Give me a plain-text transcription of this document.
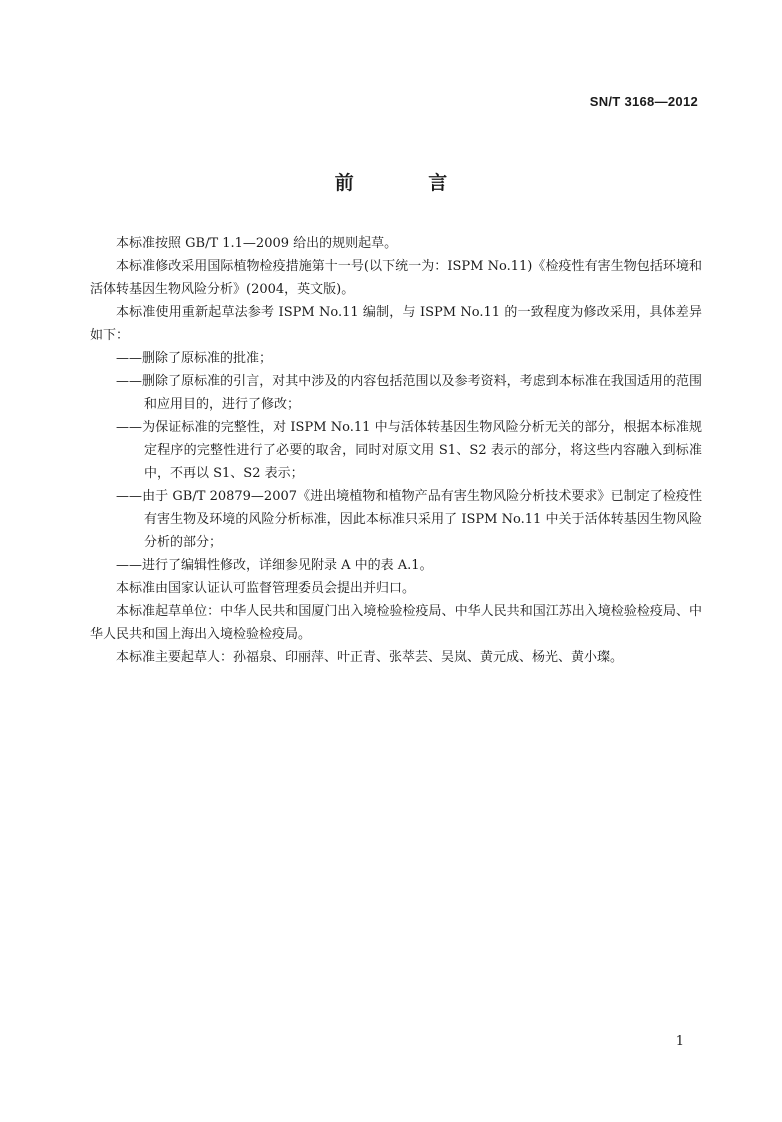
SN/T 3168—2012
前 言

本标准按照 GB/T 1.1—2009 给出的规则起草。

本标准修改采用国际植物检疫措施第十一号(以下统一为：ISPM No.11)《检疫性有害生物包括环境和活体转基因生物风险分析》(2004，英文版)。

本标准使用重新起草法参考 ISPM No.11 编制，与 ISPM No.11 的一致程度为修改采用，具体差异如下：

——删除了原标准的批准；

——删除了原标准的引言，对其中涉及的内容包括范围以及参考资料，考虑到本标准在我国适用的范围和应用目的，进行了修改；

——为保证标准的完整性，对 ISPM No.11 中与活体转基因生物风险分析无关的部分，根据本标准规定程序的完整性进行了必要的取舍，同时对原文用 S1、S2 表示的部分，将这些内容融入到标准中，不再以 S1、S2 表示；

——由于 GB/T 20879—2007《进出境植物和植物产品有害生物风险分析技术要求》已制定了检疫性有害生物及环境的风险分析标准，因此本标准只采用了 ISPM No.11 中关于活体转基因生物风险分析的部分；

——进行了编辑性修改，详细参见附录 A 中的表 A.1。

本标准由国家认证认可监督管理委员会提出并归口。

本标准起草单位：中华人民共和国厦门出入境检验检疫局、中华人民共和国江苏出入境检验检疫局、中华人民共和国上海出入境检验检疫局。

本标准主要起草人：孙福泉、印丽萍、叶正青、张萃芸、吴岚、黄元成、杨光、黄小璨。

1
